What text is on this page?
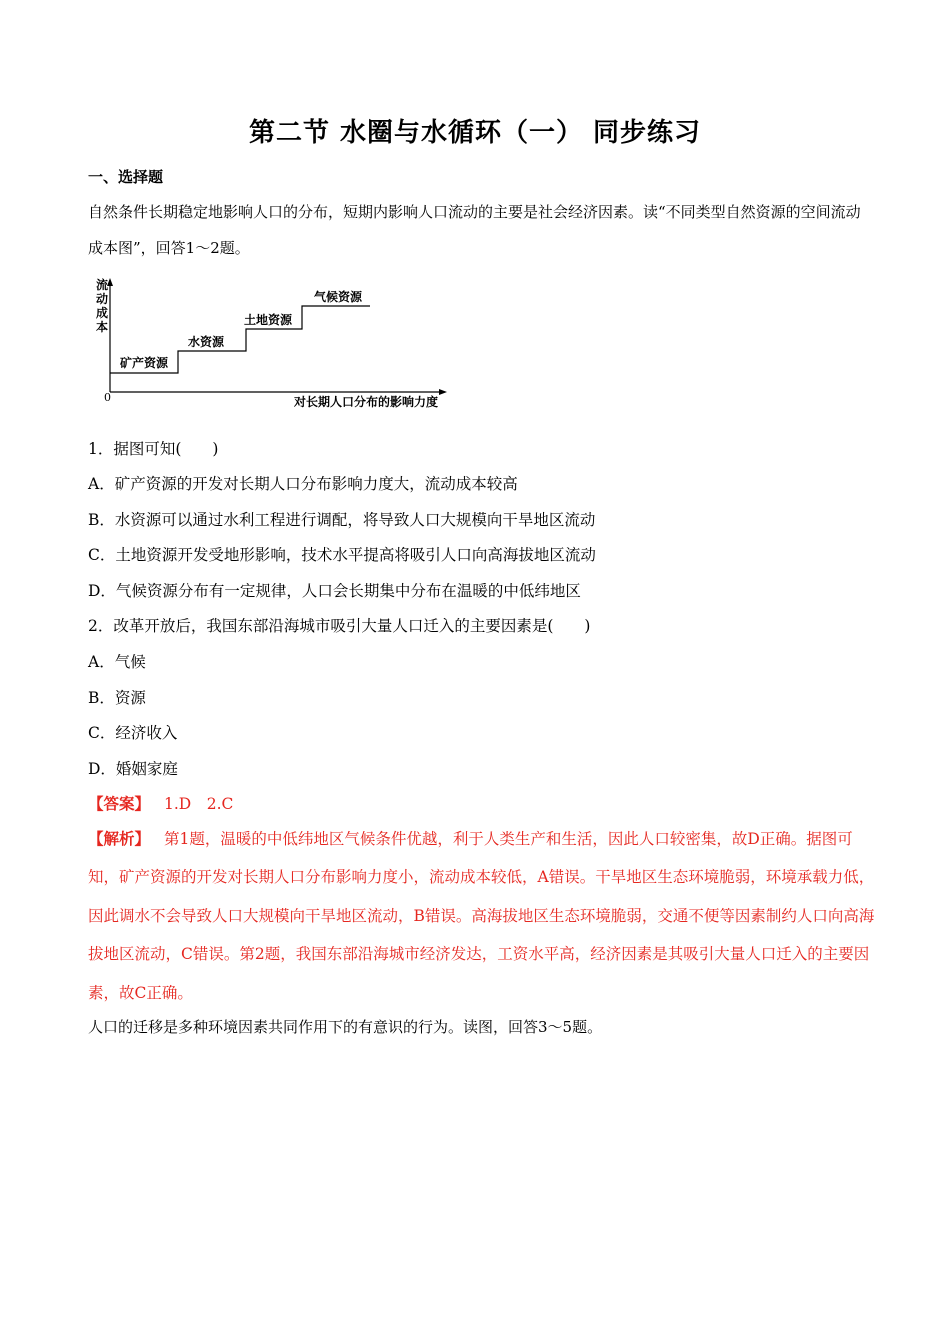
第二节 水圈与水循环（一） 同步练习
一、选择题
自然条件长期稳定地影响人口的分布，短期内影响人口流动的主要是社会经济因素。读“不同类型自然资源的空间流动成本图”，回答1～2题。
流
动
成
本
0
矿产资源
水资源
土地资源
气候资源
对长期人口分布的影响力度
1．据图可知(　　)
A．矿产资源的开发对长期人口分布影响力度大，流动成本较高
B．水资源可以通过水利工程进行调配，将导致人口大规模向干旱地区流动
C．土地资源开发受地形影响，技术水平提高将吸引人口向高海拔地区流动
D．气候资源分布有一定规律，人口会长期集中分布在温暖的中低纬地区
2．改革开放后，我国东部沿海城市吸引大量人口迁入的主要因素是(　　)
A．气候
B．资源
C．经济收入
D．婚姻家庭
【答案】 1.D　2.C
【解析】 第1题，温暖的中低纬地区气候条件优越，利于人类生产和生活，因此人口较密集，故D正确。据图可知，矿产资源的开发对长期人口分布影响力度小，流动成本较低，A错误。干旱地区生态环境脆弱，环境承载力低，因此调水不会导致人口大规模向干旱地区流动，B错误。高海拔地区生态环境脆弱，交通不便等因素制约人口向高海拔地区流动，C错误。第2题，我国东部沿海城市经济发达，工资水平高，经济因素是其吸引大量人口迁入的主要因素，故C正确。
人口的迁移是多种环境因素共同作用下的有意识的行为。读图，回答3～5题。
